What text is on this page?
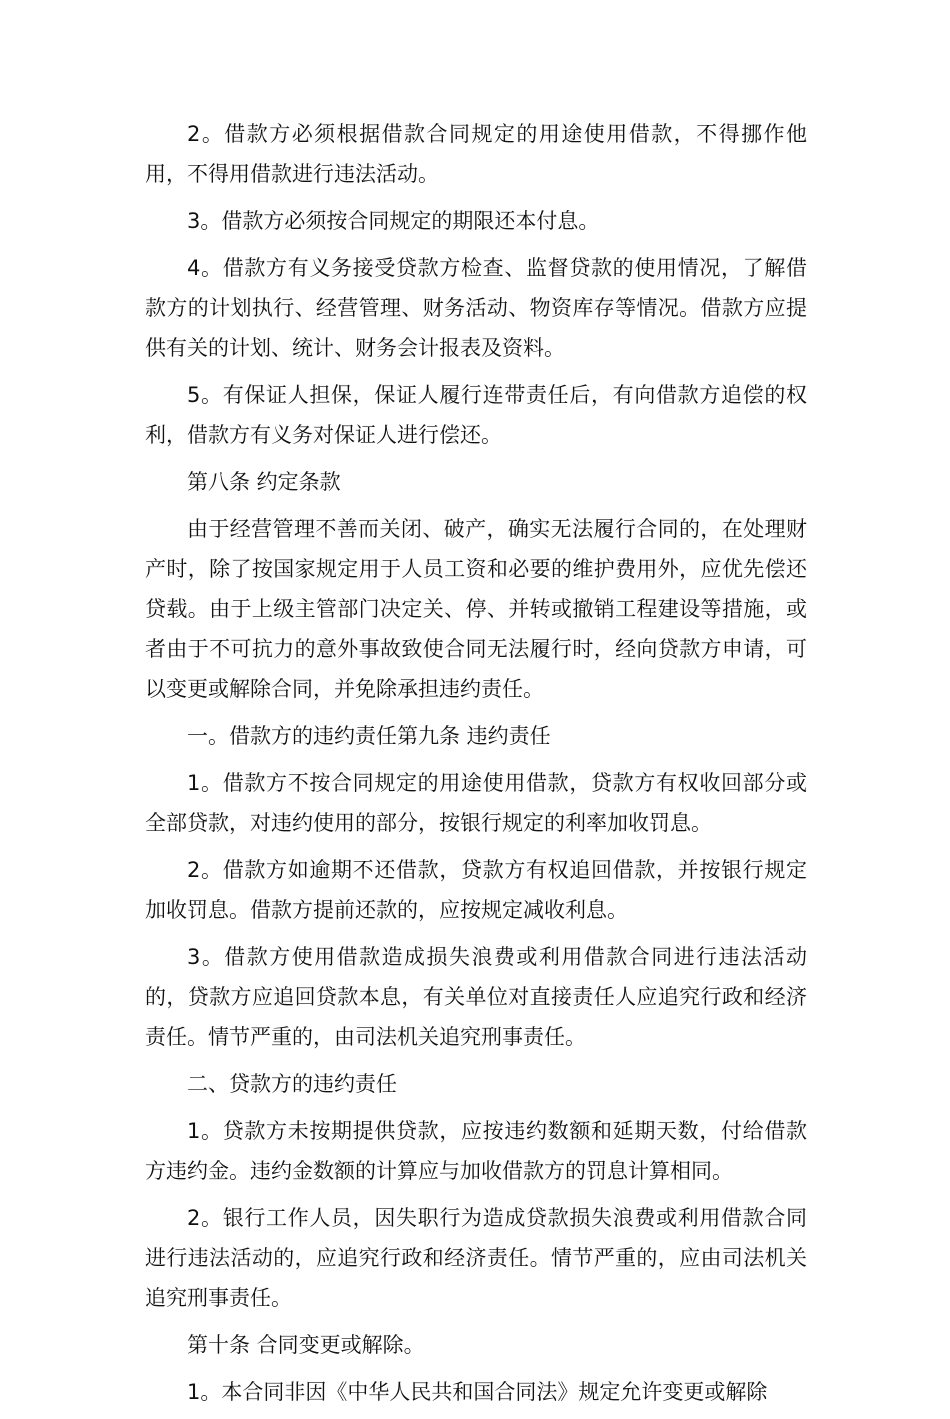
2。借款方必须根据借款合同规定的用途使用借款，不得挪作他用，不得用借款进行违法活动。

3。借款方必须按合同规定的期限还本付息。

4。借款方有义务接受贷款方检查、监督贷款的使用情况，了解借款方的计划执行、经营管理、财务活动、物资库存等情况。借款方应提供有关的计划、统计、财务会计报表及资料。

5。有保证人担保，保证人履行连带责任后，有向借款方追偿的权利，借款方有义务对保证人进行偿还。

第八条 约定条款

由于经营管理不善而关闭、破产，确实无法履行合同的，在处理财产时，除了按国家规定用于人员工资和必要的维护费用外，应优先偿还贷载。由于上级主管部门决定关、停、并转或撤销工程建设等措施，或者由于不可抗力的意外事故致使合同无法履行时，经向贷款方申请，可以变更或解除合同，并免除承担违约责任。

一。借款方的违约责任第九条 违约责任

1。借款方不按合同规定的用途使用借款，贷款方有权收回部分或全部贷款，对违约使用的部分，按银行规定的利率加收罚息。

2。借款方如逾期不还借款，贷款方有权追回借款，并按银行规定加收罚息。借款方提前还款的，应按规定减收利息。

3。借款方使用借款造成损失浪费或利用借款合同进行违法活动的，贷款方应追回贷款本息，有关单位对直接责任人应追究行政和经济责任。情节严重的，由司法机关追究刑事责任。

二、贷款方的违约责任

1。贷款方未按期提供贷款，应按违约数额和延期天数，付给借款方违约金。违约金数额的计算应与加收借款方的罚息计算相同。

2。银行工作人员，因失职行为造成贷款损失浪费或利用借款合同进行违法活动的，应追究行政和经济责任。情节严重的，应由司法机关追究刑事责任。

第十条 合同变更或解除。

1。本合同非因《中华人民共和国合同法》规定允许变更或解除
